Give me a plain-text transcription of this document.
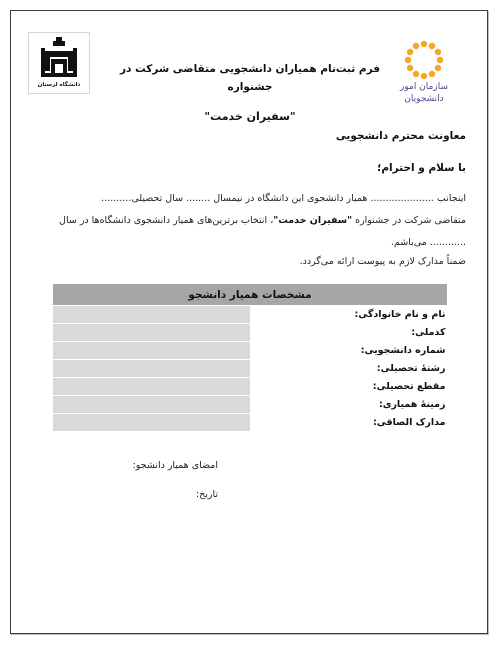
دانشگاه لرستان	سازمان امور
دانشجویان
فرم ثبت‌نام همیاران دانشجویی متقاضی شرکت در جشنواره
"سفیران خدمت"
معاونت محترم دانشجویی
با سلام و احترام؛
اینجانب ..................... همیار دانشجوی این دانشگاه در نیمسال ........ سال تحصیلی..........
متقاضی شرکت در جشنواره "سفیران خدمت"، انتخاب برترین‌های همیار دانشجوی دانشگاه‌ها در سال
............ می‌باشم.
ضمناً مدارک لازم به پیوست ارائه می‌گردد.
مشخصات همیار دانشجو	
نام و نام خانوادگی:	
کدملی:	
شماره دانشجویی:	
رشتهٔ تحصیلی:	
مقطع تحصیلی:	
زمینهٔ همیاری:	
مدارک الصاقی:	
امضای همیار دانشجو:
تاریخ:
